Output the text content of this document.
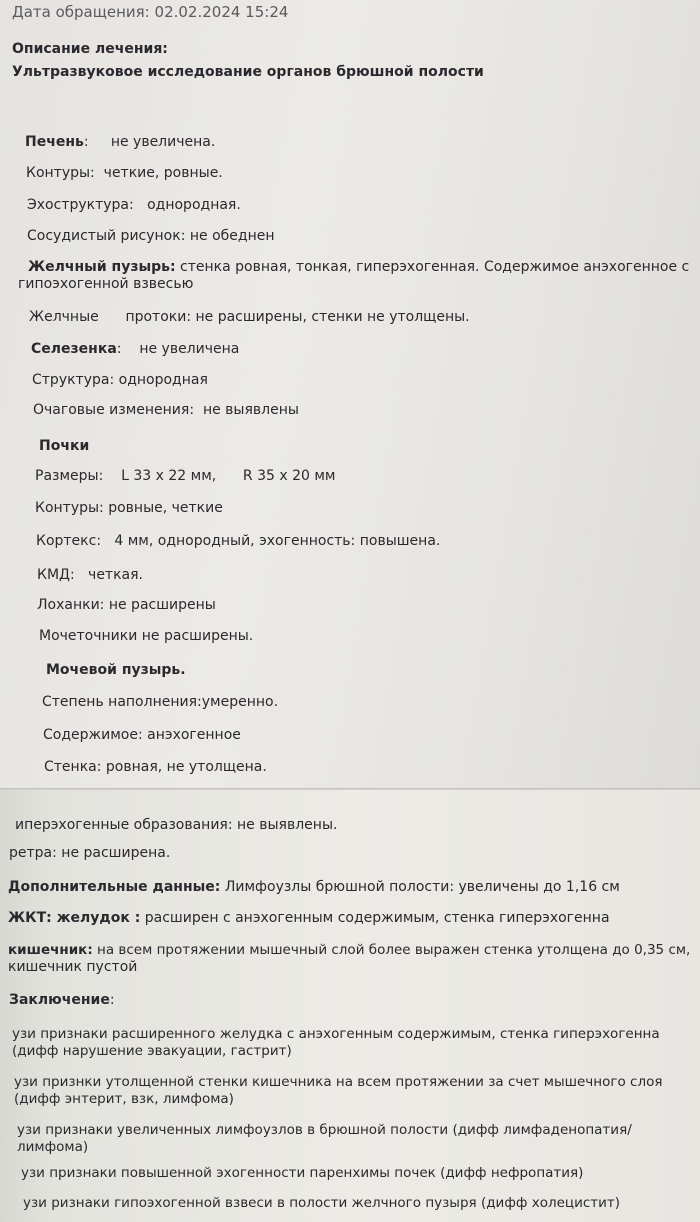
Дата обращения: 02.02.2024 15:24
Описание лечения:
Ультразвуковое исследование органов брюшной полости
Печень:     не увеличена.
Контуры: четкие, ровные.
Эхоструктура: однородная.
Сосудистый рисунок: не обеднен
Желчный пузырь: стенка ровная, тонкая, гиперэхогенная. Содержимое анэхогенное с
гипоэхогенной взвесью
Желчные протоки: не расширены, стенки не утолщены.
Селезенка:    не увеличена
Структура: однородная
Очаговые изменения: не выявлены
Почки
Размеры: L 33 x 22 мм, R 35 x 20 мм
Контуры: ровные, четкие
Кортекс: 4 мм, однородный, эхогенность: повышена.
КМД: четкая.
Лоханки: не расширены
Мочеточники не расширены.
Мочевой пузырь.
Степень наполнения:умеренно.
Содержимое: анэхогенное
Стенка: ровная, не утолщена.
иперэхогенные образования: не выявлены.
ретра: не расширена.
Дополнительные данные: Лимфоузлы брюшной полости: увеличены до 1,16 см
ЖКТ: желудок : расширен с анэхогенным содержимым, стенка гиперэхогенна
кишечник: на всем протяжении мышечный слой более выражен стенка утолщена до 0,35 см,
кишечник пустой
Заключение:
узи признаки расширенного желудка с анэхогенным содержимым, стенка гиперэхогенна
(дифф нарушение эвакуации, гастрит)
узи признки утолщенной стенки кишечника на всем протяжении за счет мышечного слоя
(дифф энтерит, взк, лимфома)
узи признаки увеличенных лимфоузлов в брюшной полости (дифф лимфаденопатия/
лимфома)
узи признаки повышенной эхогенности паренхимы почек (дифф нефропатия)
узи ризнаки гипоэхогенной взвеси в полости желчного пузыря (дифф холецистит)
